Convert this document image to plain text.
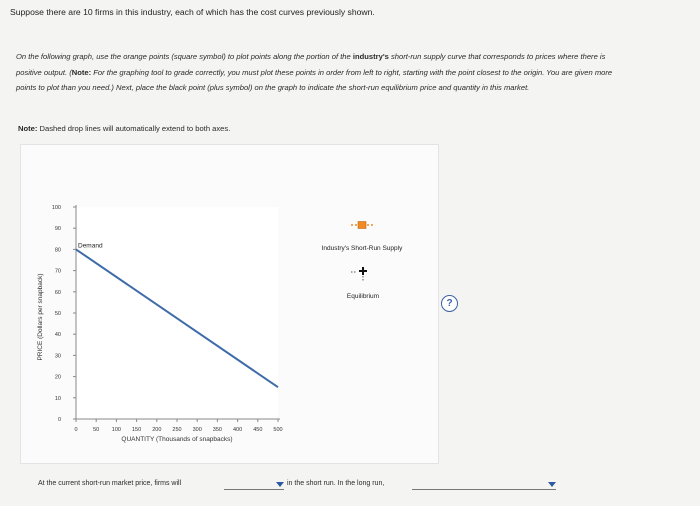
Suppose there are 10 firms in this industry, each of which has the cost curves previously shown.
On the following graph, use the orange points (square symbol) to plot points along the portion of the industry's short-run supply curve that corresponds to prices where there is positive output. (Note: For the graphing tool to grade correctly, you must plot these points in order from left to right, starting with the point closest to the origin. You are given more points to plot than you need.) Next, place the black point (plus symbol) on the graph to indicate the short-run equilibrium price and quantity in this market.
Note: Dashed drop lines will automatically extend to both axes.
?
0
10
20
30
40
50
60
70
80
90
100
0	50 100 150 200 250 300 350 400 450 500
QUANTITY (Thousands of snapbacks)
PRICE (Dollars per snapback)
Demand	Industry's Short-Run Supply
Equilibrium
At the current short-run market price, firms will	in the short run. In the long run,
